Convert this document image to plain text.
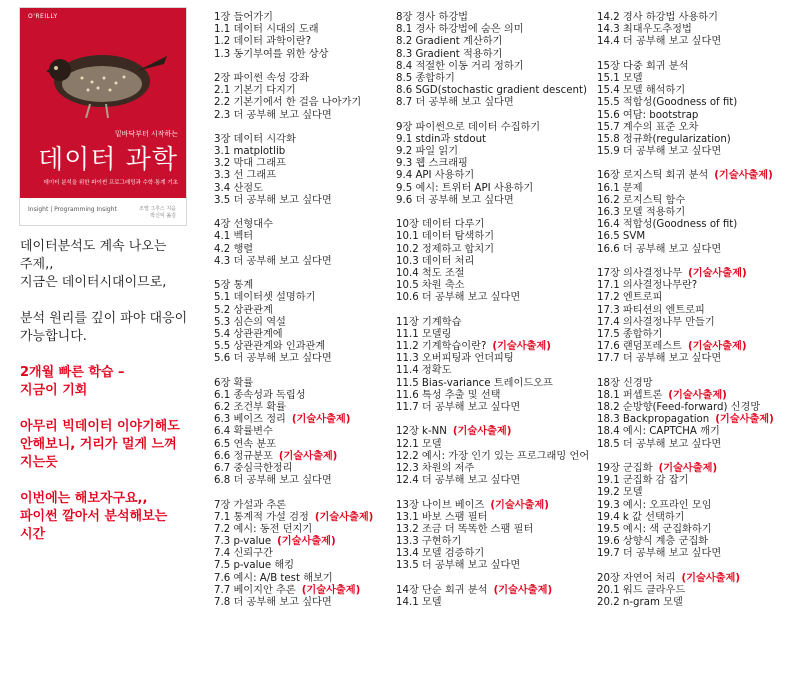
O'REILLY
밑바닥부터 시작하는
데이터 과학
데이터 분석을 위한 파이썬 프로그래밍과 수학·통계 기초
Insight | Programming Insight	조엘 그루스 지음
박신익 옮김

데이터분석도 계속 나오는

주제,,

지금은 데이터시대이므로,

분석 원리를 깊이 파야 대응이

가능합니다.

2개월 빠른 학습 –

지금이 기회

아무리 빅데이터 이야기해도

안해보니, 거리가 멀게 느껴

지는듯

이번에는 해보자구요,,

파이썬 깔아서 분석해보는

시간

1장 들어가기
1.1 데이터 시대의 도래
1.2 데이터 과학이란?
1.3 동기부여를 위한 상상
2장 파이썬 속성 강좌
2.1 기본기 다지기
2.2 기본기에서 한 걸음 나아가기
2.3 더 공부해 보고 싶다면
3장 데이터 시각화
3.1 matplotlib
3.2 막대 그래프
3.3 선 그래프
3.4 산점도
3.5 더 공부해 보고 싶다면
4장 선형대수
4.1 벡터
4.2 행렬
4.3 더 공부해 보고 싶다면
5장 통계
5.1 데이터셋 설명하기
5.2 상관관계
5.3 심슨의 역설
5.4 상관관계에
5.5 상관관계와 인과관계
5.6 더 공부해 보고 싶다면
6장 확률
6.1 종속성과 독립성
6.2 조건부 확률
6.3 베이즈 정리 (기술사출제)
6.4 확률변수
6.5 연속 분포
6.6 정규분포 (기술사출제)
6.7 중심극한정리
6.8 더 공부해 보고 싶다면
7장 가설과 추론
7.1 통계적 가설 검정 (기술사출제)
7.2 예시: 동전 던지기
7.3 p-value (기술사출제)
7.4 신뢰구간
7.5 p-value 해킹
7.6 예시: A/B test 해보기
7.7 베이지안 추론 (기술사출제)
7.8 더 공부해 보고 싶다면
8장 경사 하강법
8.1 경사 하강법에 숨은 의미
8.2 Gradient 계산하기
8.3 Gradient 적용하기
8.4 적절한 이동 거리 정하기
8.5 종합하기
8.6 SGD(stochastic gradient descent)
8.7 더 공부해 보고 싶다면
9장 파이썬으로 데이터 수집하기
9.1 stdin과 stdout
9.2 파일 읽기
9.3 웹 스크래핑
9.4 API 사용하기
9.5 예시: 트위터 API 사용하기
9.6 더 공부해 보고 싶다면
10장 데이터 다루기
10.1 데이터 탐색하기
10.2 정제하고 합치기
10.3 데이터 처리
10.4 척도 조절
10.5 차원 축소
10.6 더 공부해 보고 싶다면
11장 기계학습
11.1 모델링
11.2 기계학습이란? (기술사출제)
11.3 오버피팅과 언더피팅
11.4 정확도
11.5 Bias-variance 트레이드오프
11.6 특성 추출 및 선택
11.7 더 공부해 보고 싶다면
12장 k-NN (기술사출제)
12.1 모델
12.2 예시: 가장 인기 있는 프로그래밍 언어
12.3 차원의 저주
12.4 더 공부해 보고 싶다면
13장 나이브 베이즈 (기술사출제)
13.1 바보 스팸 필터
13.2 조금 더 똑똑한 스팸 필터
13.3 구현하기
13.4 모델 검증하기
13.5 더 공부해 보고 싶다면
14장 단순 회귀 분석 (기술사출제)
14.1 모델
14.2 경사 하강법 사용하기
14.3 최대우도추정법
14.4 더 공부해 보고 싶다면
15장 다중 회귀 분석
15.1 모델
15.4 모델 해석하기
15.5 적합성(Goodness of fit)
15.6 여담: bootstrap
15.7 계수의 표준 오차
15.8 정규화(regularization)
15.9 더 공부해 보고 싶다면
16장 로지스틱 회귀 분석 (기술사출제)
16.1 문제
16.2 로지스틱 함수
16.3 모델 적용하기
16.4 적합성(Goodness of fit)
16.5 SVM
16.6 더 공부해 보고 싶다면
17장 의사결정나무 (기술사출제)
17.1 의사결정나무란?
17.2 엔트로피
17.3 파티션의 엔트로피
17.4 의사결정나무 만들기
17.5 종합하기
17.6 랜덤포레스트 (기술사출제)
17.7 더 공부해 보고 싶다면
18장 신경망
18.1 퍼셉트론 (기술사출제)
18.2 순방향(Feed-forward) 신경망
18.3 Backpropagation (기술사출제)
18.4 예시: CAPTCHA 깨기
18.5 더 공부해 보고 싶다면
19장 군집화 (기술사출제)
19.1 군집화 감 잡기
19.2 모델
19.3 예시: 오프라인 모임
19.4 k 값 선택하기
19.5 예시: 색 군집화하기
19.6 상향식 계층 군집화
19.7 더 공부해 보고 싶다면
20장 자연어 처리 (기술사출제)
20.1 워드 클라우드
20.2 n-gram 모델
